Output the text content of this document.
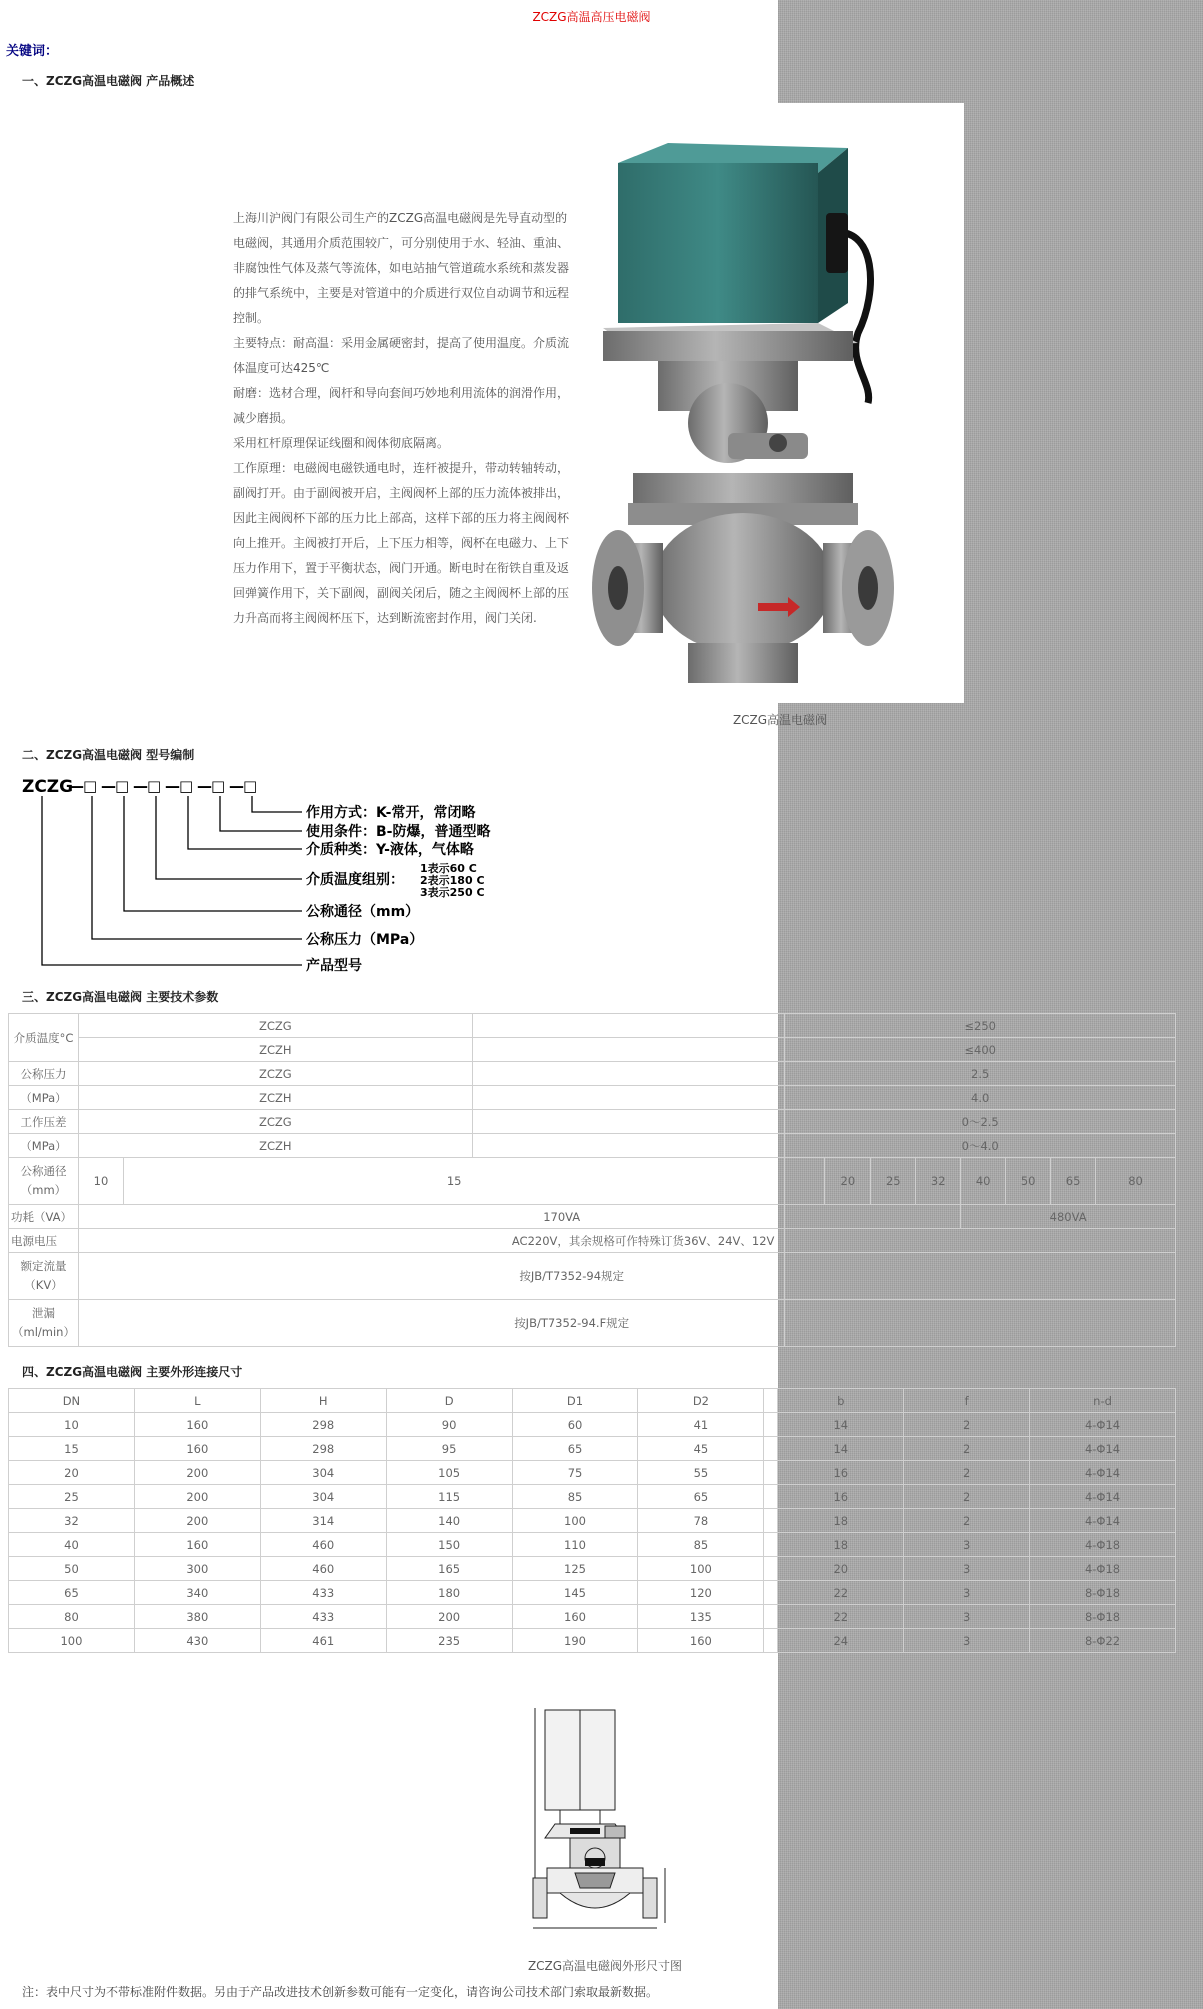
ZCZG高温高压电磁阀
关键词：
一、ZCZG高温电磁阀 产品概述

上海川沪阀门有限公司生产的ZCZG高温电磁阀是先导直动型的电磁阀，其通用介质范围较广，可分别使用于水、轻油、重油、非腐蚀性气体及蒸气等流体，如电站抽气管道疏水系统和蒸发器的排气系统中，主要是对管道中的介质进行双位自动调节和远程控制。

主要特点：耐高温：采用金属硬密封，提高了使用温度。介质流体温度可达425℃

耐磨：选材合理，阀杆和导向套间巧妙地利用流体的润滑作用，减少磨损。

采用杠杆原理保证线圈和阀体彻底隔离。

工作原理：电磁阀电磁铁通电时，连杆被提升，带动转轴转动，副阀打开。由于副阀被开启，主阀阀杯上部的压力流体被排出，因此主阀阀杯下部的压力比上部高，这样下部的压力将主阀阀杯向上推开。主阀被打开后，上下压力相等，阀杯在电磁力、上下压力作用下，置于平衡状态，阀门开通。断电时在衔铁自重及返回弹簧作用下，关下副阀，副阀关闭后，随之主阀阀杯上部的压力升高而将主阀阀杯压下，达到断流密封作用，阀门关闭.

ZCZG高温电磁阀
二、ZCZG高温电磁阀 型号编制
ZCZG
— □ — □ — □ — □ — □ — □
作用方式：K-常开，常闭略
使用条件：B-防爆，普通型略
介质种类：Y-液体，气体略
介质温度组别：
公称通径（mm）
公称压力（MPa）
产品型号
1表示60 C
2表示180 C
3表示250 C
三、ZCZG高温电磁阀 主要技术参数
介质温度°C	ZCZG			≤250							
	ZCZH			≤400							
公称压力	ZCZG			2.5							
（MPa）	ZCZH			4.0							
工作压差	ZCZG			0～2.5							
（MPa）	ZCZH			0～4.0							

公称通径
（mm）	10	15			20	25	32	40	50	65	80
功耗（VA）	170VA							480VA			
电源电压	AC220V，其余规格可作特殊订货36V、24V、12V										

额定流量
（KV）	按JB/T7352-94规定										

泄漏
（ml/min）	按JB/T7352-94.F规定										
四、ZCZG高温电磁阀 主要外形连接尺寸
DN	L	H	D	D1	D2		b	f	n-d
10	160	298	90	60	41		14	2	4-Φ14
15	160	298	95	65	45		14	2	4-Φ14
20	200	304	105	75	55		16	2	4-Φ14
25	200	304	115	85	65		16	2	4-Φ14
32	200	314	140	100	78		18	2	4-Φ14
40	160	460	150	110	85		18	3	4-Φ18
50	300	460	165	125	100		20	3	4-Φ18
65	340	433	180	145	120		22	3	8-Φ18
80	380	433	200	160	135		22	3	8-Φ18
100	430	461	235	190	160		24	3	8-Φ22
ZCZG高温电磁阀外形尺寸图
注：表中尺寸为不带标准附件数据。另由于产品改进技术创新参数可能有一定变化，请咨询公司技术部门索取最新数据。
